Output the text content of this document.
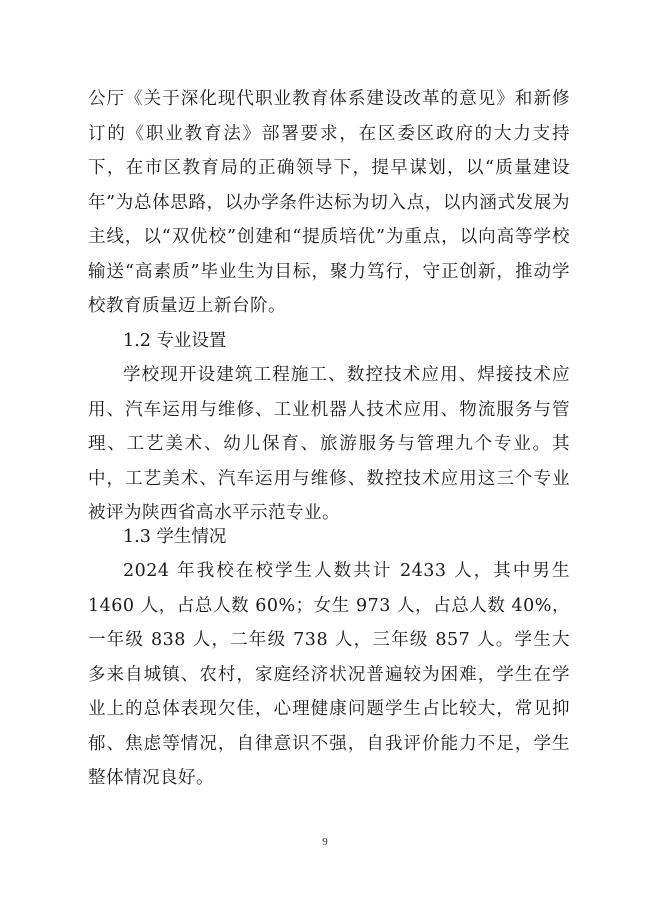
公厅《关于深化现代职业教育体系建设改革的意见》和新修订的《职业教育法》部署要求，在区委区政府的大力支持下，在市区教育局的正确领导下，提早谋划，以“质量建设年”为总体思路，以办学条件达标为切入点，以内涵式发展为主线，以“双优校”创建和“提质培优”为重点，以向高等学校输送“高素质”毕业生为目标，聚力笃行，守正创新，推动学校教育质量迈上新台阶。

1.2 专业设置

学校现开设建筑工程施工、数控技术应用、焊接技术应用、汽车运用与维修、工业机器人技术应用、物流服务与管理、工艺美术、幼儿保育、旅游服务与管理九个专业。其中，工艺美术、汽车运用与维修、数控技术应用这三个专业被评为陕西省高水平示范专业。

1.3 学生情况

2024 年我校在校学生人数共计 2433 人，其中男生 1460 人，占总人数 60%；女生 973 人，占总人数 40%，一年级 838 人，二年级 738 人，三年级 857 人。学生大多来自城镇、农村，家庭经济状况普遍较为困难，学生在学业上的总体表现欠佳，心理健康问题学生占比较大，常见抑郁、焦虑等情况，自律意识不强，自我评价能力不足，学生整体情况良好。

9
